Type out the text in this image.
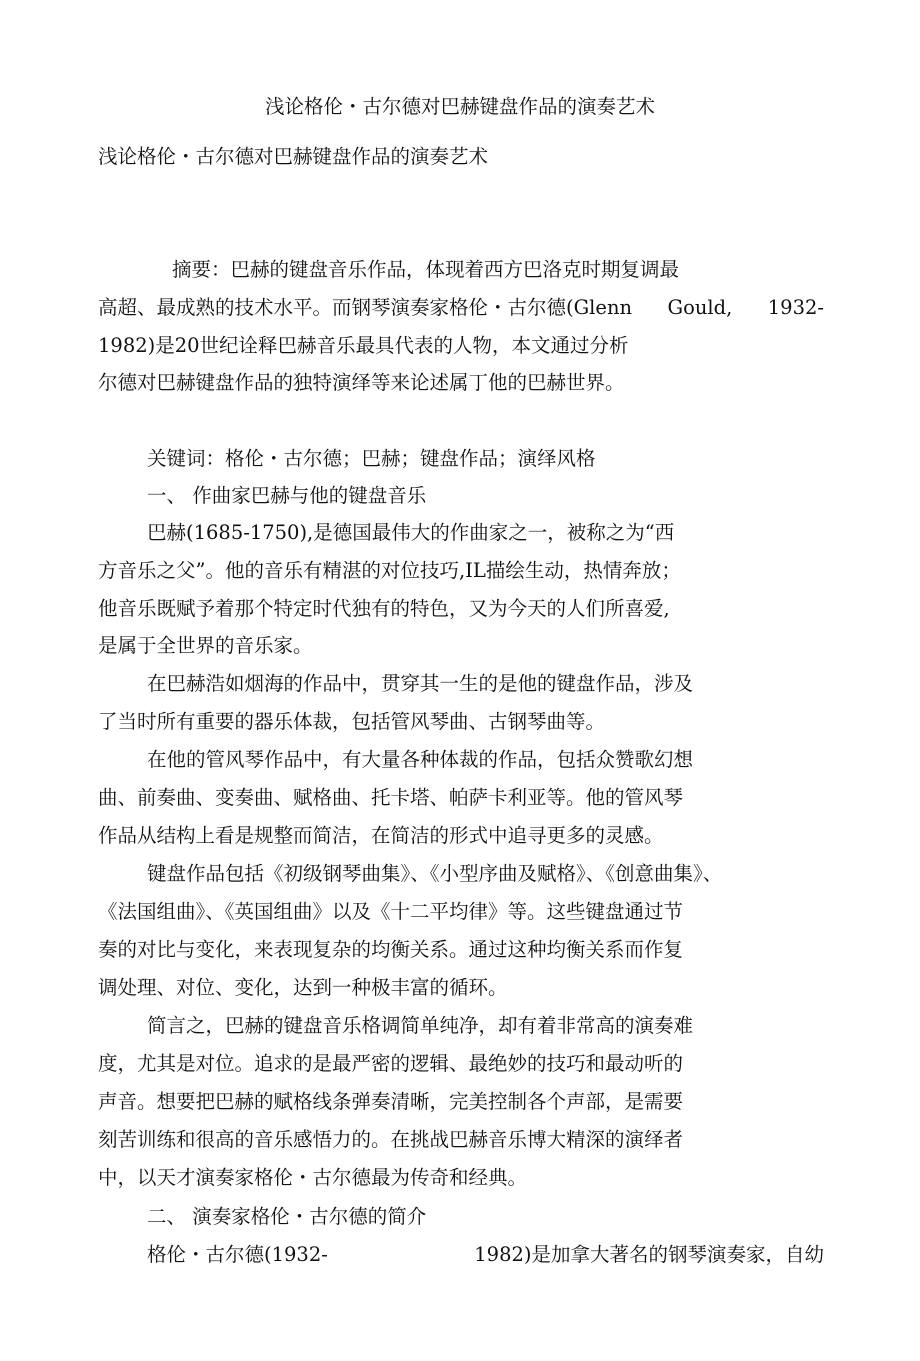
浅论格伦・古尔德对巴赫键盘作品的演奏艺术
浅论格伦・古尔德对巴赫键盘作品的演奏艺术
摘要：巴赫的键盘音乐作品，体现着西方巴洛克时期复调最
高超、最成熟的技术水平。而钢琴演奏家格伦・古尔德(Glenn Gould, 1932-
1982)是20世纪诠释巴赫音乐最具代表的人物，本文通过分析
尔德对巴赫键盘作品的独特演绎等来论述属丁他的巴赫世界。
关键词：格伦・古尔德；巴赫；键盘作品；演绎风格
一、 作曲家巴赫与他的键盘音乐
巴赫(1685-1750),是德国最伟大的作曲家之一，被称之为“西
方音乐之父”。他的音乐有精湛的对位技巧,IL描绘生动，热情奔放；
他音乐既赋予着那个特定时代独有的特色，又为今天的人们所喜爱,
是属于全世界的音乐家。
在巴赫浩如烟海的作品中，贯穿其一生的是他的键盘作品，涉及
了当时所有重要的器乐体裁，包括管风琴曲、古钢琴曲等。
在他的管风琴作品中，有大量各种体裁的作品，包括众赞歌幻想
曲、前奏曲、变奏曲、赋格曲、托卡塔、帕萨卡利亚等。他的管风琴
作品从结构上看是规整而简洁，在简洁的形式中追寻更多的灵感。
键盘作品包括《初级钢琴曲集》、《小型序曲及赋格》、《创意曲集》、
《法国组曲》、《英国组曲》以及《十二平均律》等。这些键盘通过节
奏的对比与变化，来表现复杂的均衡关系。通过这种均衡关系而作复
调处理、对位、变化，达到一种极丰富的循环。
简言之，巴赫的键盘音乐格调简单纯净，却有着非常高的演奏难
度，尤其是对位。追求的是最严密的逻辑、最绝妙的技巧和最动听的
声音。想要把巴赫的赋格线条弹奏清晰，完美控制各个声部，是需要
刻苦训练和很高的音乐感悟力的。在挑战巴赫音乐博大精深的演绎者
中，以天才演奏家格伦・古尔德最为传奇和经典。
二、 演奏家格伦・古尔德的简介
格伦・古尔德(1932-	1982)是加拿大著名的钢琴演奏家，自幼
